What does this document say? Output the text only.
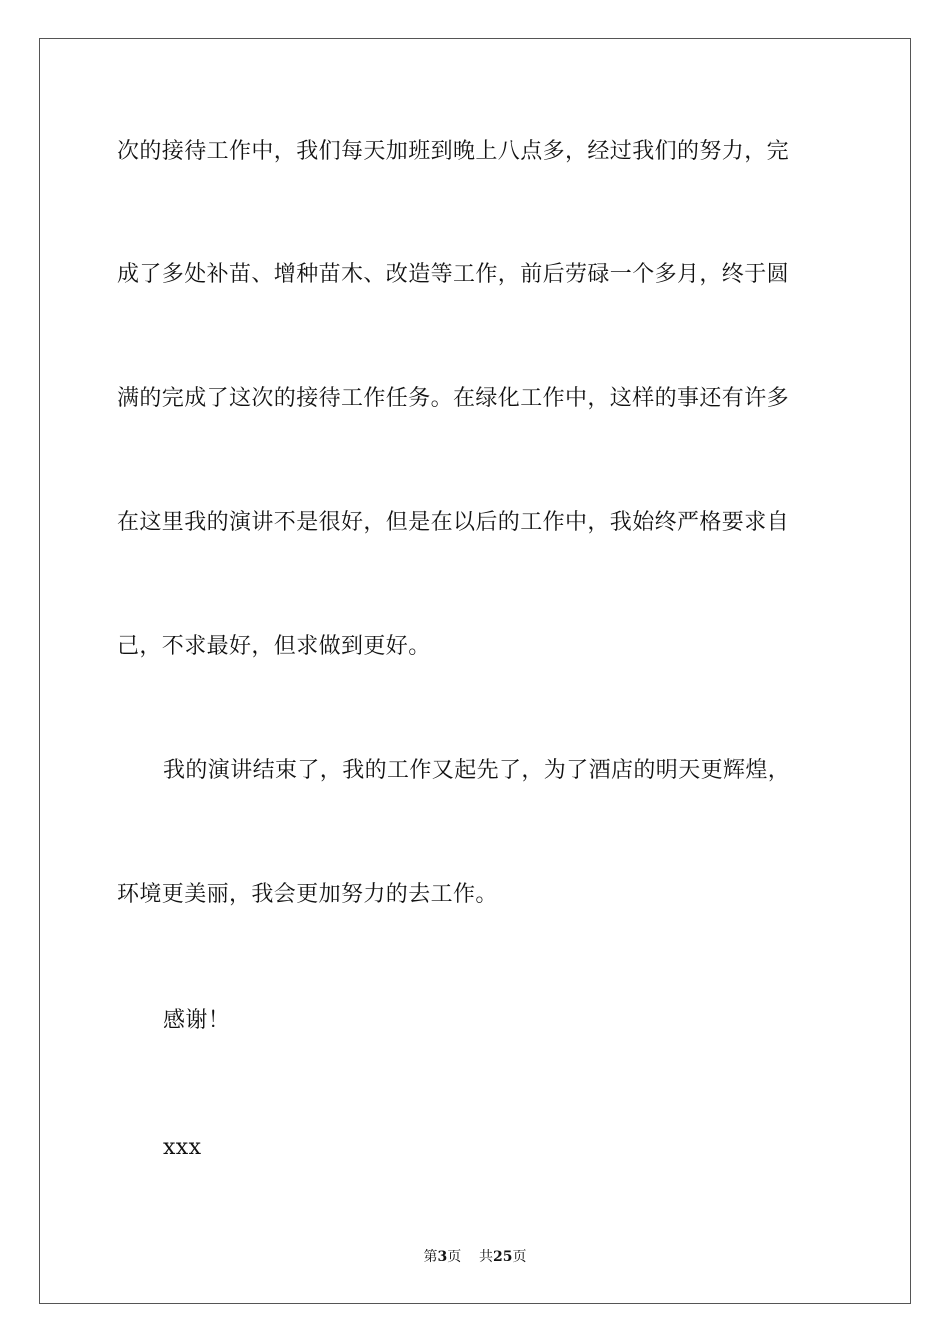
次的接待工作中，我们每天加班到晚上八点多，经过我们的努力，完
成了多处补苗、增种苗木、改造等工作，前后劳碌一个多月，终于圆
满的完成了这次的接待工作任务。在绿化工作中，这样的事还有许多
在这里我的演讲不是很好，但是在以后的工作中，我始终严格要求自
己，不求最好，但求做到更好。
我的演讲结束了，我的工作又起先了，为了酒店的明天更辉煌，
环境更美丽，我会更加努力的去工作。
感谢！
xxx
第3页 共25页
